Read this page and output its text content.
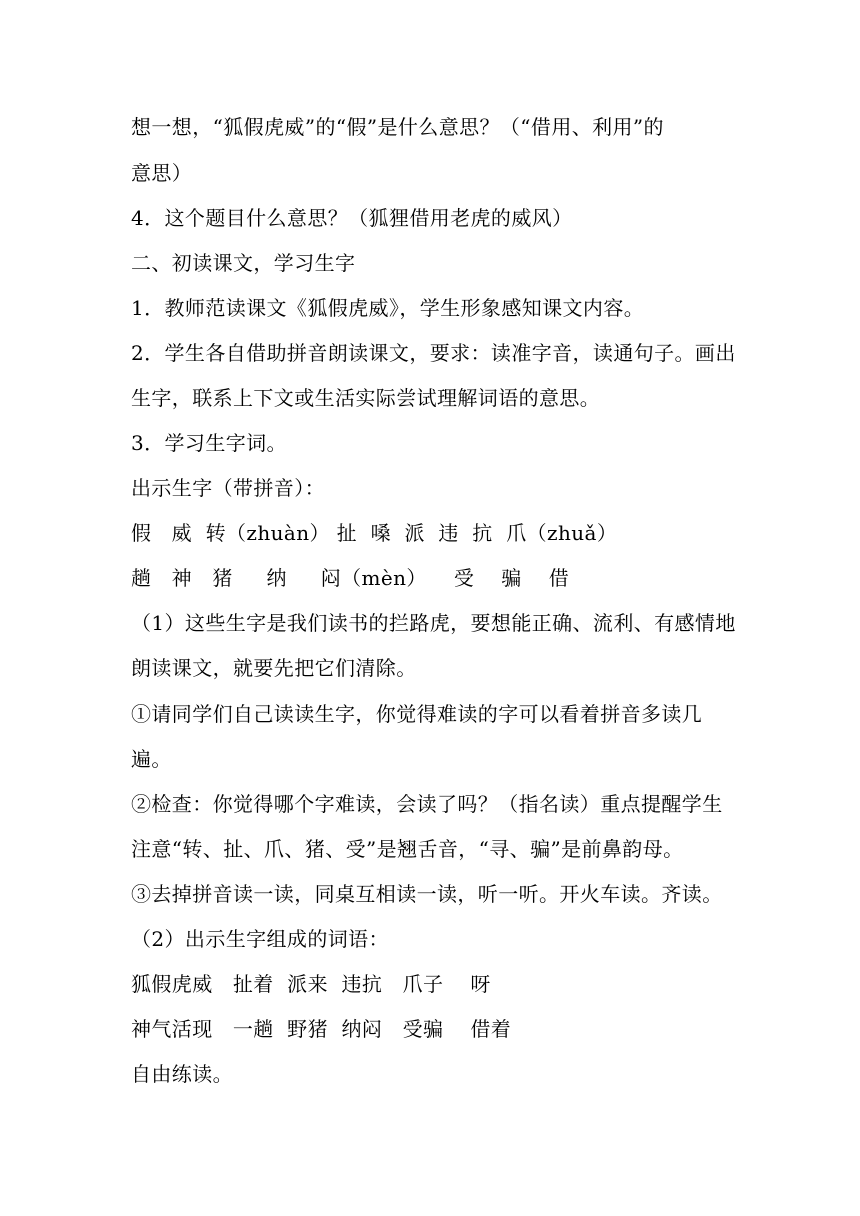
想一想，“狐假虎威”的“假”是什么意思？（“借用、利用”的
意思）
4．这个题目什么意思？（狐狸借用老虎的威风）
二、初读课文，学习生字
1．教师范读课文《狐假虎威》，学生形象感知课文内容。
2．学生各自借助拼音朗读课文，要求：读准字音，读通句子。画出
生字，联系上下文或生活实际尝试理解词语的意思。
3．学习生字词。
出示生字（带拼音）：
假   威  转（zhuàn） 扯  嗓  派  违  抗  爪（zhuǎ）
趟   神   猪     纳     闷（mèn）    受    骗    借
（1）这些生字是我们读书的拦路虎，要想能正确、流利、有感情地
朗读课文，就要先把它们清除。
①请同学们自己读读生字，你觉得难读的字可以看着拼音多读几
遍。
②检查：你觉得哪个字难读，会读了吗？（指名读）重点提醒学生
注意“转、扯、爪、猪、受”是翘舌音，“寻、骗”是前鼻韵母。
③去掉拼音读一读，同桌互相读一读，听一听。开火车读。齐读。
（2）出示生字组成的词语：
狐假虎威   扯着  派来  违抗   爪子    呀
神气活现   一趟  野猪  纳闷   受骗    借着
自由练读。
